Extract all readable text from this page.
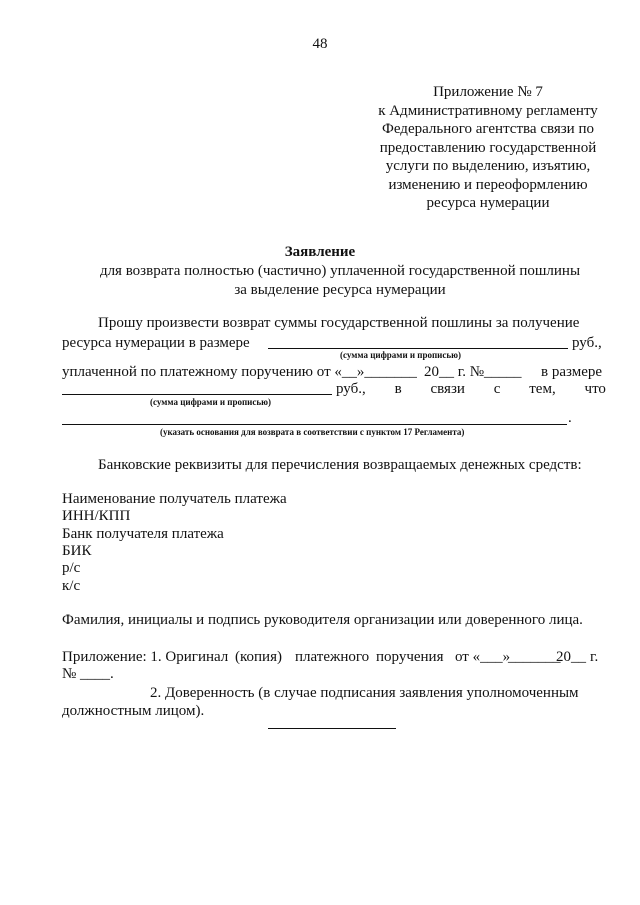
48
Приложение № 7
к Административному регламенту
Федерального агентства связи по
предоставлению государственной
услуги по выделению, изъятию,
изменению и переоформлению
ресурса нумерации
Заявление
для возврата полностью (частично) уплаченной государственной пошлины
за выделение ресурса нумерации
Прошу произвести возврат суммы государственной пошлины за получение
ресурса нумерации в размере	руб.,
(сумма цифрами и прописью)
уплаченной по платежному поручению от «__»_______ 20__ г. №_____ в размере
руб., в связи с тем, что
(сумма цифрами и прописью)
.
(указать основания для возврата в соответствии с пунктом 17 Регламента)
Банковские реквизиты для перечисления возвращаемых денежных средств:
Наименование получатель платежа
ИНН/КПП
Банк получателя платежа
БИК
р/с
к/с
Фамилия, инициалы и подпись руководителя организации или доверенного лица.
Приложение: 1. Оригинал (копия) платежного поручения от «___»
_______
20__ г.
№ ____.
2. Доверенность (в случае подписания заявления уполномоченным
должностным лицом).
